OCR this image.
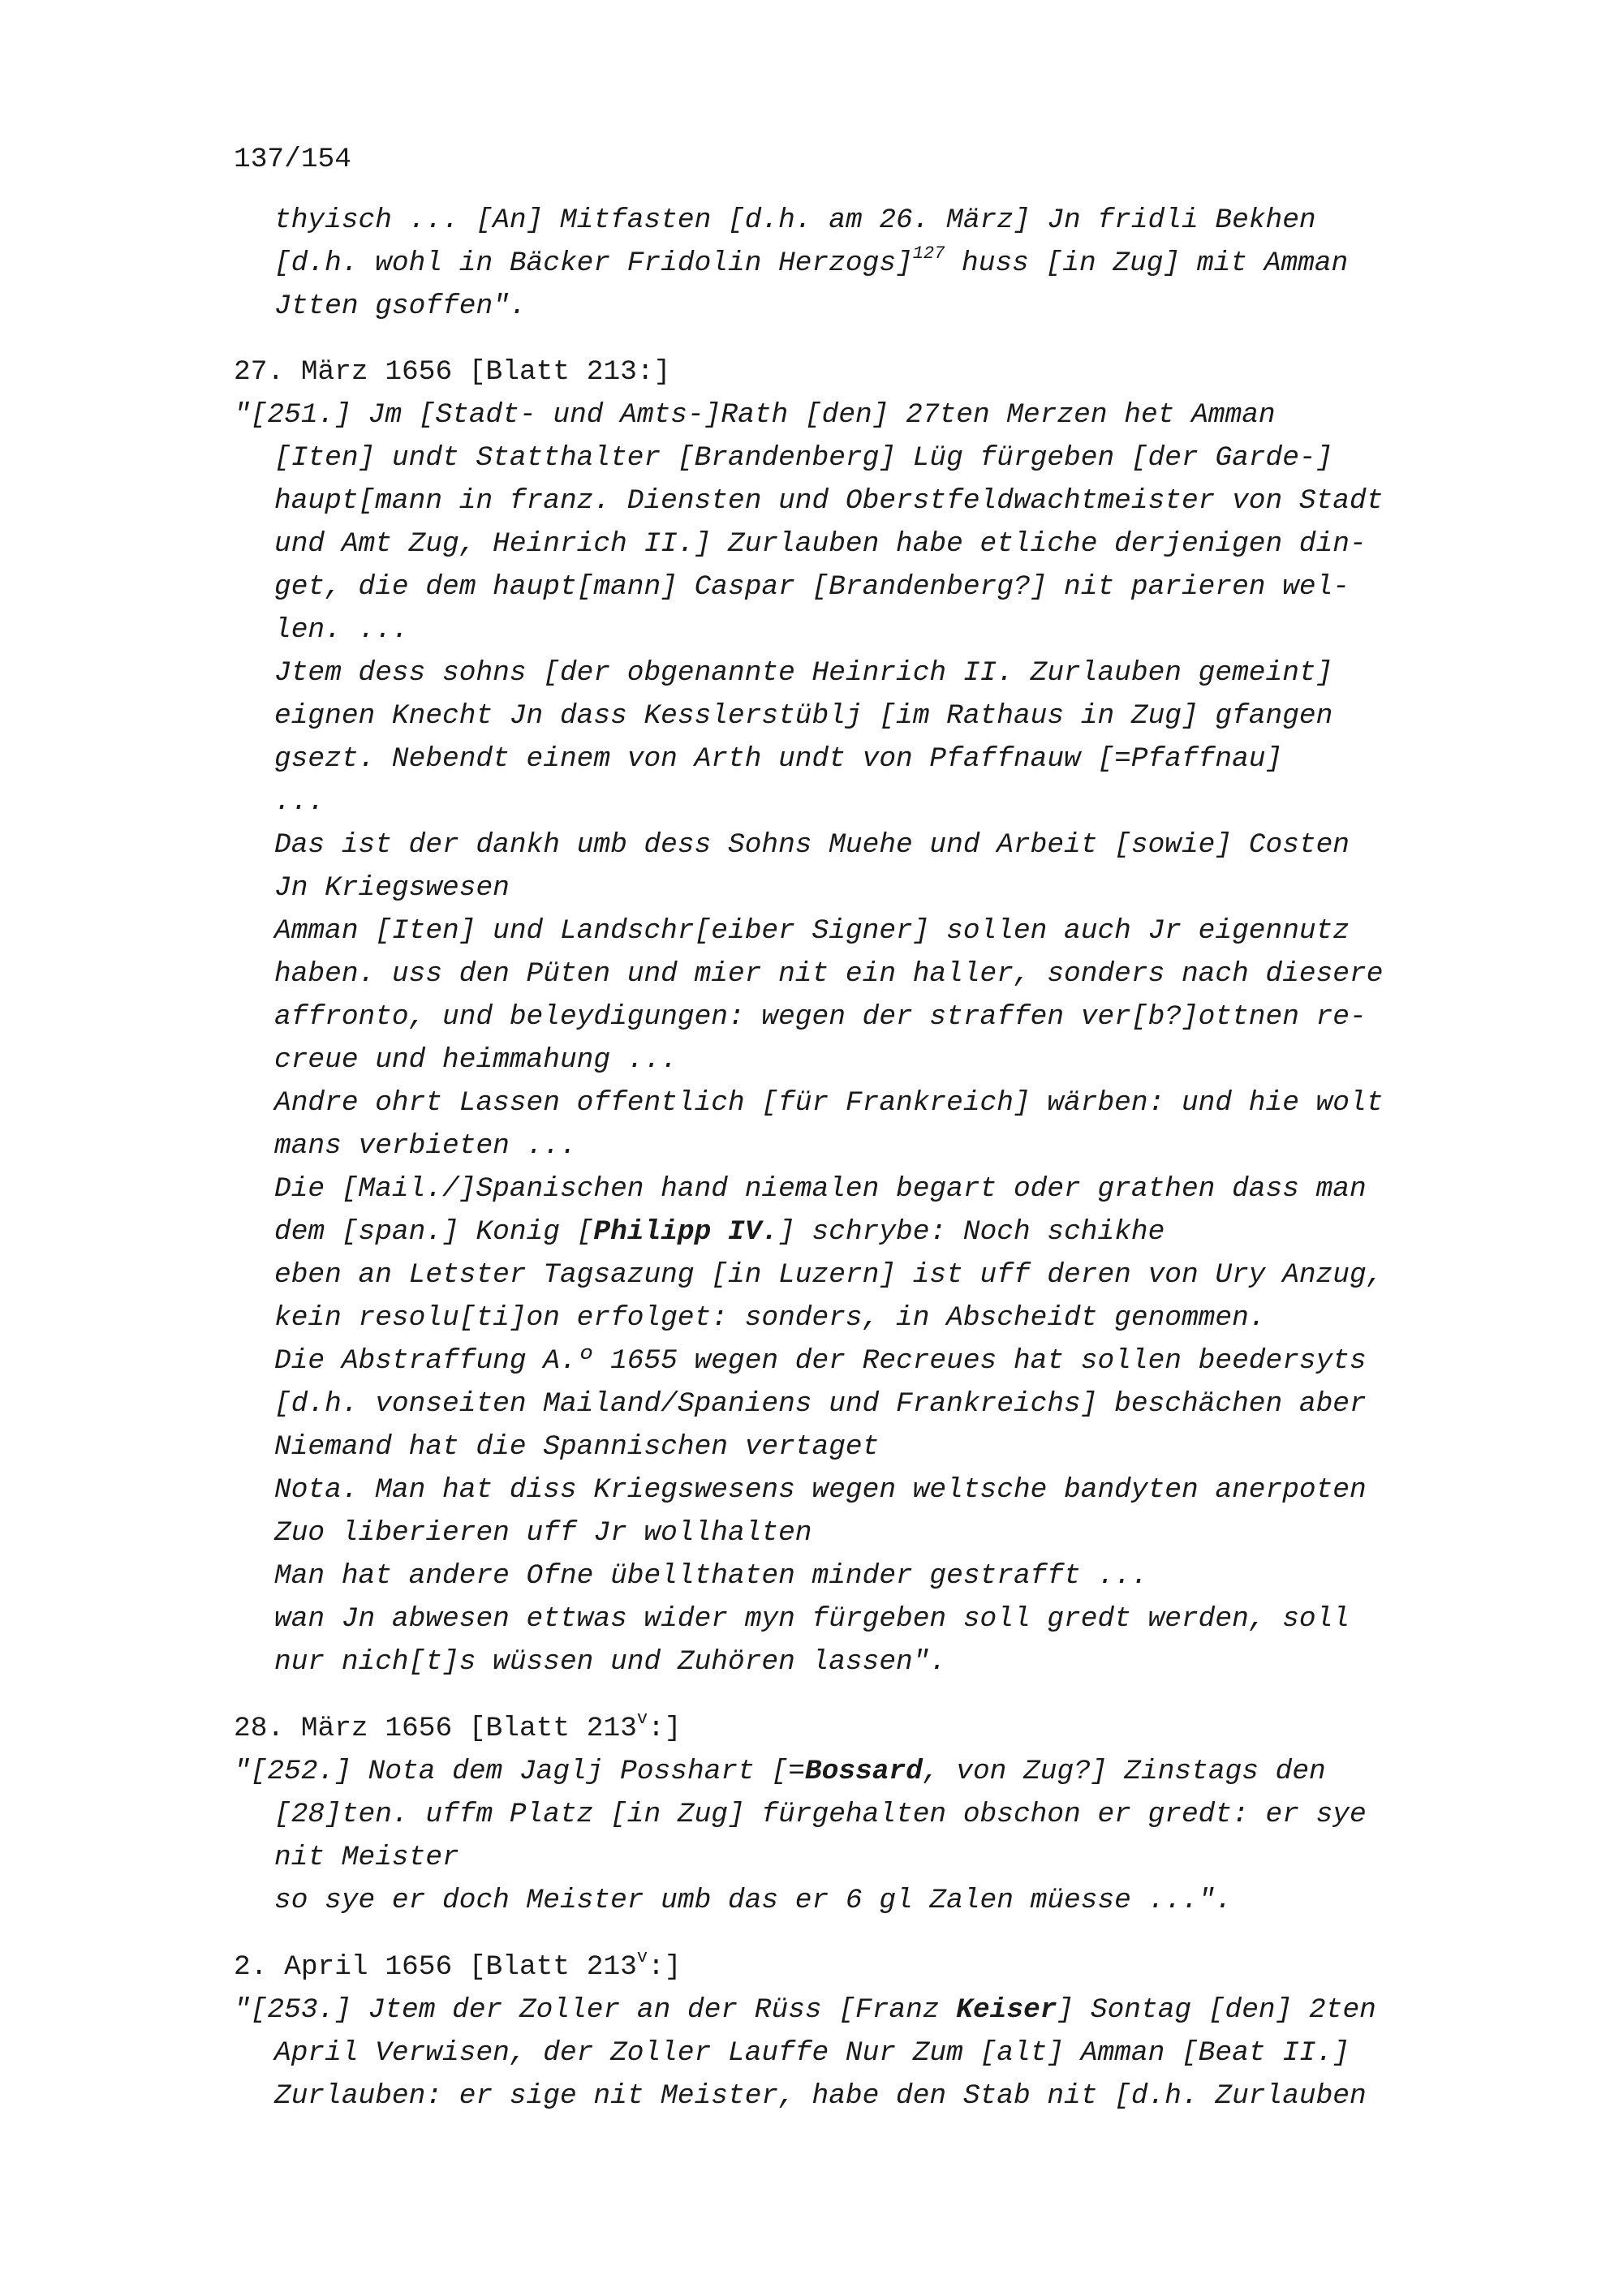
137/154
thyisch ... [An] Mitfasten [d.h. am 26. März] Jn fridli Bekhen
[d.h. wohl in Bäcker Fridolin Herzogs]$^{127}$ huss [in Zug] mit Amman
Jtten gsoffen".
27. März 1656 [Blatt 213:]
"[251.] Jm [Stadt- und Amts-]Rath [den] 27ten Merzen het Amman
[Iten] undt Statthalter [Brandenberg] Lüg fürgeben [der Garde-]
haupt[mann in franz. Diensten und Oberstfeldwachtmeister von Stadt
und Amt Zug, Heinrich II.] Zurlauben habe etliche derjenigen din-
get, die dem haupt[mann] Caspar [Brandenberg?] nit parieren wel-
len. ...
Jtem dess sohns [der obgenannte Heinrich II. Zurlauben gemeint]
eignen Knecht Jn dass Kesslerstüblj [im Rathaus in Zug] gfangen
gsezt. Nebendt einem von Arth undt von Pfaffnauw [=Pfaffnau]
...
Das ist der dankh umb dess Sohns Muehe und Arbeit [sowie] Costen
Jn Kriegswesen
Amman [Iten] und Landschr[eiber Signer] sollen auch Jr eigennutz
haben. uss den Püten und mier nit ein haller, sonders nach diesere
affronto, und beleydigungen: wegen der straffen ver[b?]ottnen re-
creue und heimmahung ...
Andre ohrt Lassen offentlich [für Frankreich] wärben: und hie wolt
mans verbieten ...
Die [Mail./]Spanischen hand niemalen begart oder grathen dass man
dem [span.] Konig [Philipp IV.] schrybe: Noch schikhe
eben an Letster Tagsazung [in Luzern] ist uff deren von Ury Anzug,
kein resolu[ti]on erfolget: sonders, in Abscheidt genommen.
Die Abstraffung A.º 1655 wegen der Recreues hat sollen beedersyts
[d.h. vonseiten Mailand/Spaniens und Frankreichs] beschächen aber
Niemand hat die Spannischen vertaget
Nota. Man hat diss Kriegswesens wegen weltsche bandyten anerpoten
Zuo liberieren uff Jr wollhalten
Man hat andere Ofne übellthaten minder gestrafft ...
wan Jn abwesen ettwas wider myn fürgeben soll gredt werden, soll
nur nich[t]s wüssen und Zuhören lassen".
28. März 1656 [Blatt 213$^v$:]
"[252.] Nota dem Jaglj Posshart [=Bossard, von Zug?] Zinstags den
[28]ten. uffm Platz [in Zug] fürgehalten obschon er gredt: er sye
nit Meister
so sye er doch Meister umb das er 6 gl Zalen müesse ...".
2. April 1656 [Blatt 213$^v$:]
"[253.] Jtem der Zoller an der Rüss [Franz Keiser] Sontag [den] 2ten
April Verwisen, der Zoller Lauffe Nur Zum [alt] Amman [Beat II.]
Zurlauben: er sige nit Meister, habe den Stab nit [d.h. Zurlauben
